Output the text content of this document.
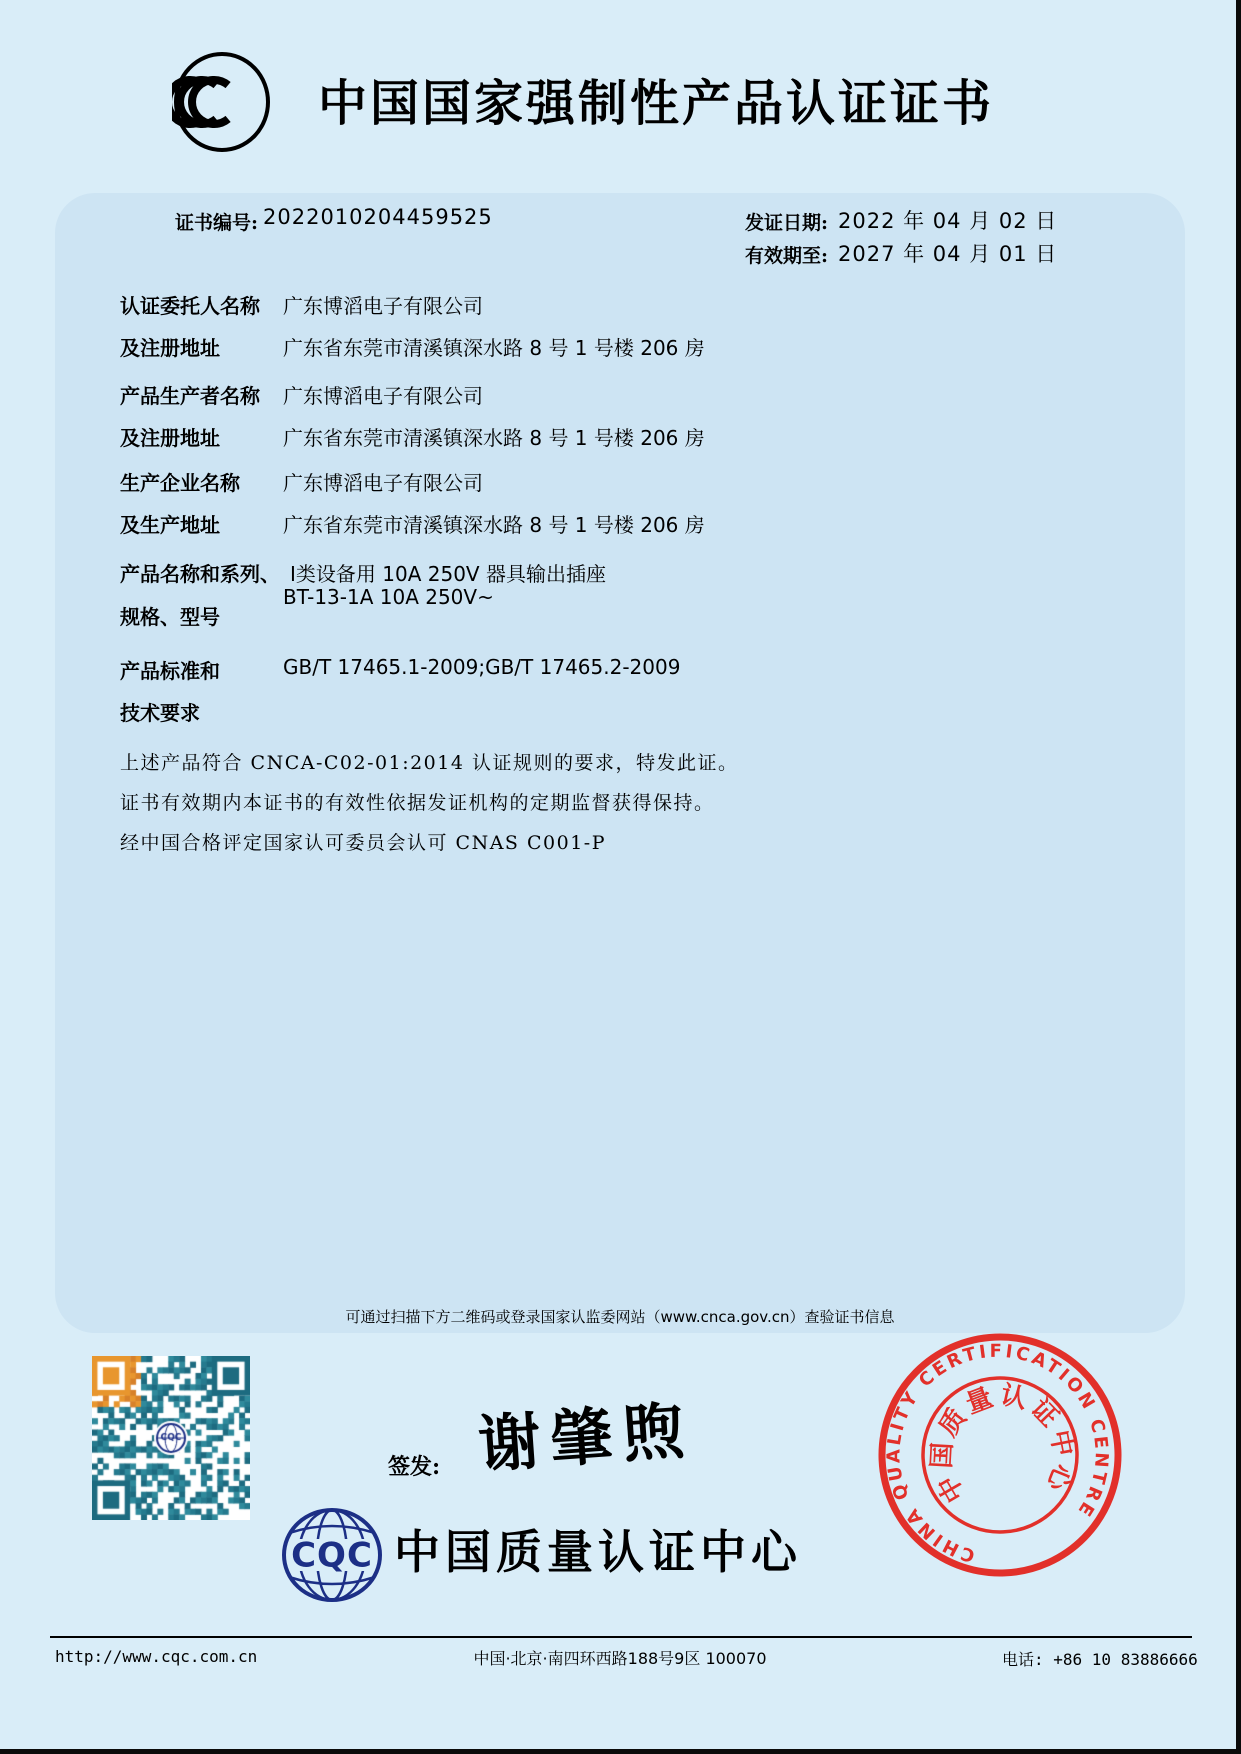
中国国家强制性产品认证证书
证书编号: 2022010204459525	发证日期: 2022 年 04 月 02 日
有效期至: 2027 年 04 月 01 日
认证委托人名称 广东博滔电子有限公司
及注册地址	广东省东莞市清溪镇深水路 8 号 1 号楼 206 房
产品生产者名称 广东博滔电子有限公司
及注册地址	广东省东莞市清溪镇深水路 8 号 1 号楼 206 房
生产企业名称 广东博滔电子有限公司
及生产地址	广东省东莞市清溪镇深水路 8 号 1 号楼 206 房
产品名称和系列、 Ⅰ类设备用 10A 250V 器具输出插座
BT-13-1A 10A 250V~
规格、型号
产品标准和	GB/T 17465.1-2009;GB/T 17465.2-2009
技术要求
上述产品符合 CNCA-C02-01:2014 认证规则的要求，特发此证。
证书有效期内本证书的有效性依据发证机构的定期监督获得保持。
经中国合格评定国家认可委员会认可 CNAS C001-P
可通过扫描下方二维码或登录国家认监委网站（www.cnca.gov.cn）查验证书信息
签发: 谢肇煦
CQC 中国质量认证中心	CHINA QUALITY CERTIFICATION CENTRE
中国质量认证中心
http://www.cqc.com.cn	中国·北京·南四环西路188号9区 100070	电话: +86 10 83886666
